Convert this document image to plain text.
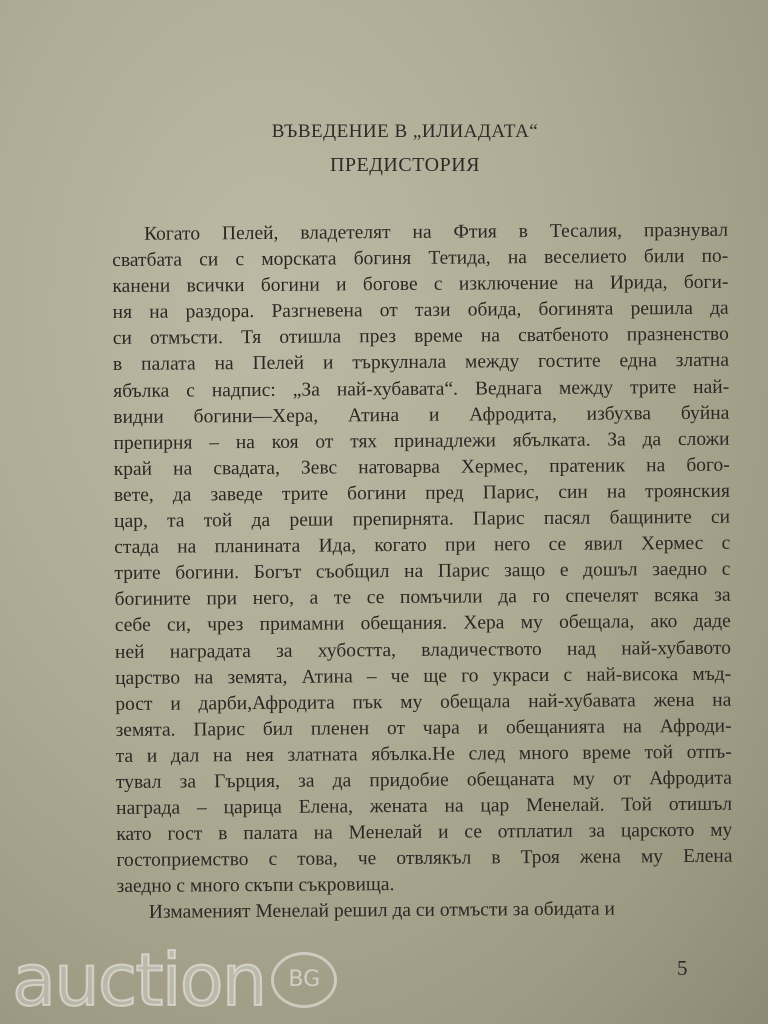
ВЪВЕДЕНИЕ В „ИЛИАДАТА“
ПРЕДИСТОРИЯ
Когато Пелей, владетелят на Фтия в Тесалия, празнувал
сватбата си с морската богиня Тетида, на веселието били по-
канени всички богини и богове с изключение на Ирида, боги-
ня на раздора. Разгневена от тази обида, богинята решила да
си отмъсти. Тя отишла през време на сватбеното празненство
в палата на Пелей и търкулнала между гостите една златна
ябълка с надпис: „За най-хубавата“. Веднага между трите най-
видни богини—Хера, Атина и Афродита, избухва буйна
препирня – на коя от тях принадлежи ябълката. За да сложи
край на свадата, Зевс натоварва Хермес, пратеник на бого-
вете, да заведе трите богини пред Парис, син на троянския
цар, та той да реши препирнята. Парис пасял бащините си
стада на планината Ида, когато при него се явил Хермес с
трите богини. Богът съобщил на Парис защо е дошъл заедно с
богините при него, а те се помъчили да го спечелят всяка за
себе си, чрез примамни обещания. Хера му обещала, ако даде
ней наградата за хубостта, владичеството над най-хубавото
царство на земята, Атина – че ще го украси с най-висока мъд-
рост и дарби,Афродита пък му обещала най-хубавата жена на
земята. Парис бил пленен от чара и обещанията на Афроди-
та и дал на нея златната ябълка.Не след много време той отпъ-
тувал за Гърция, за да придобие обещаната му от Афродита
награда – царица Елена, жената на цар Менелай. Той отишъл
като гост в палата на Менелай и се отплатил за царското му
гостоприемство с това, че отвлякъл в Троя жена му Елена
заедно с много скъпи съкровища.
Измаменият Менелай решил да си отмъсти за обидата и
5
auction	BG
